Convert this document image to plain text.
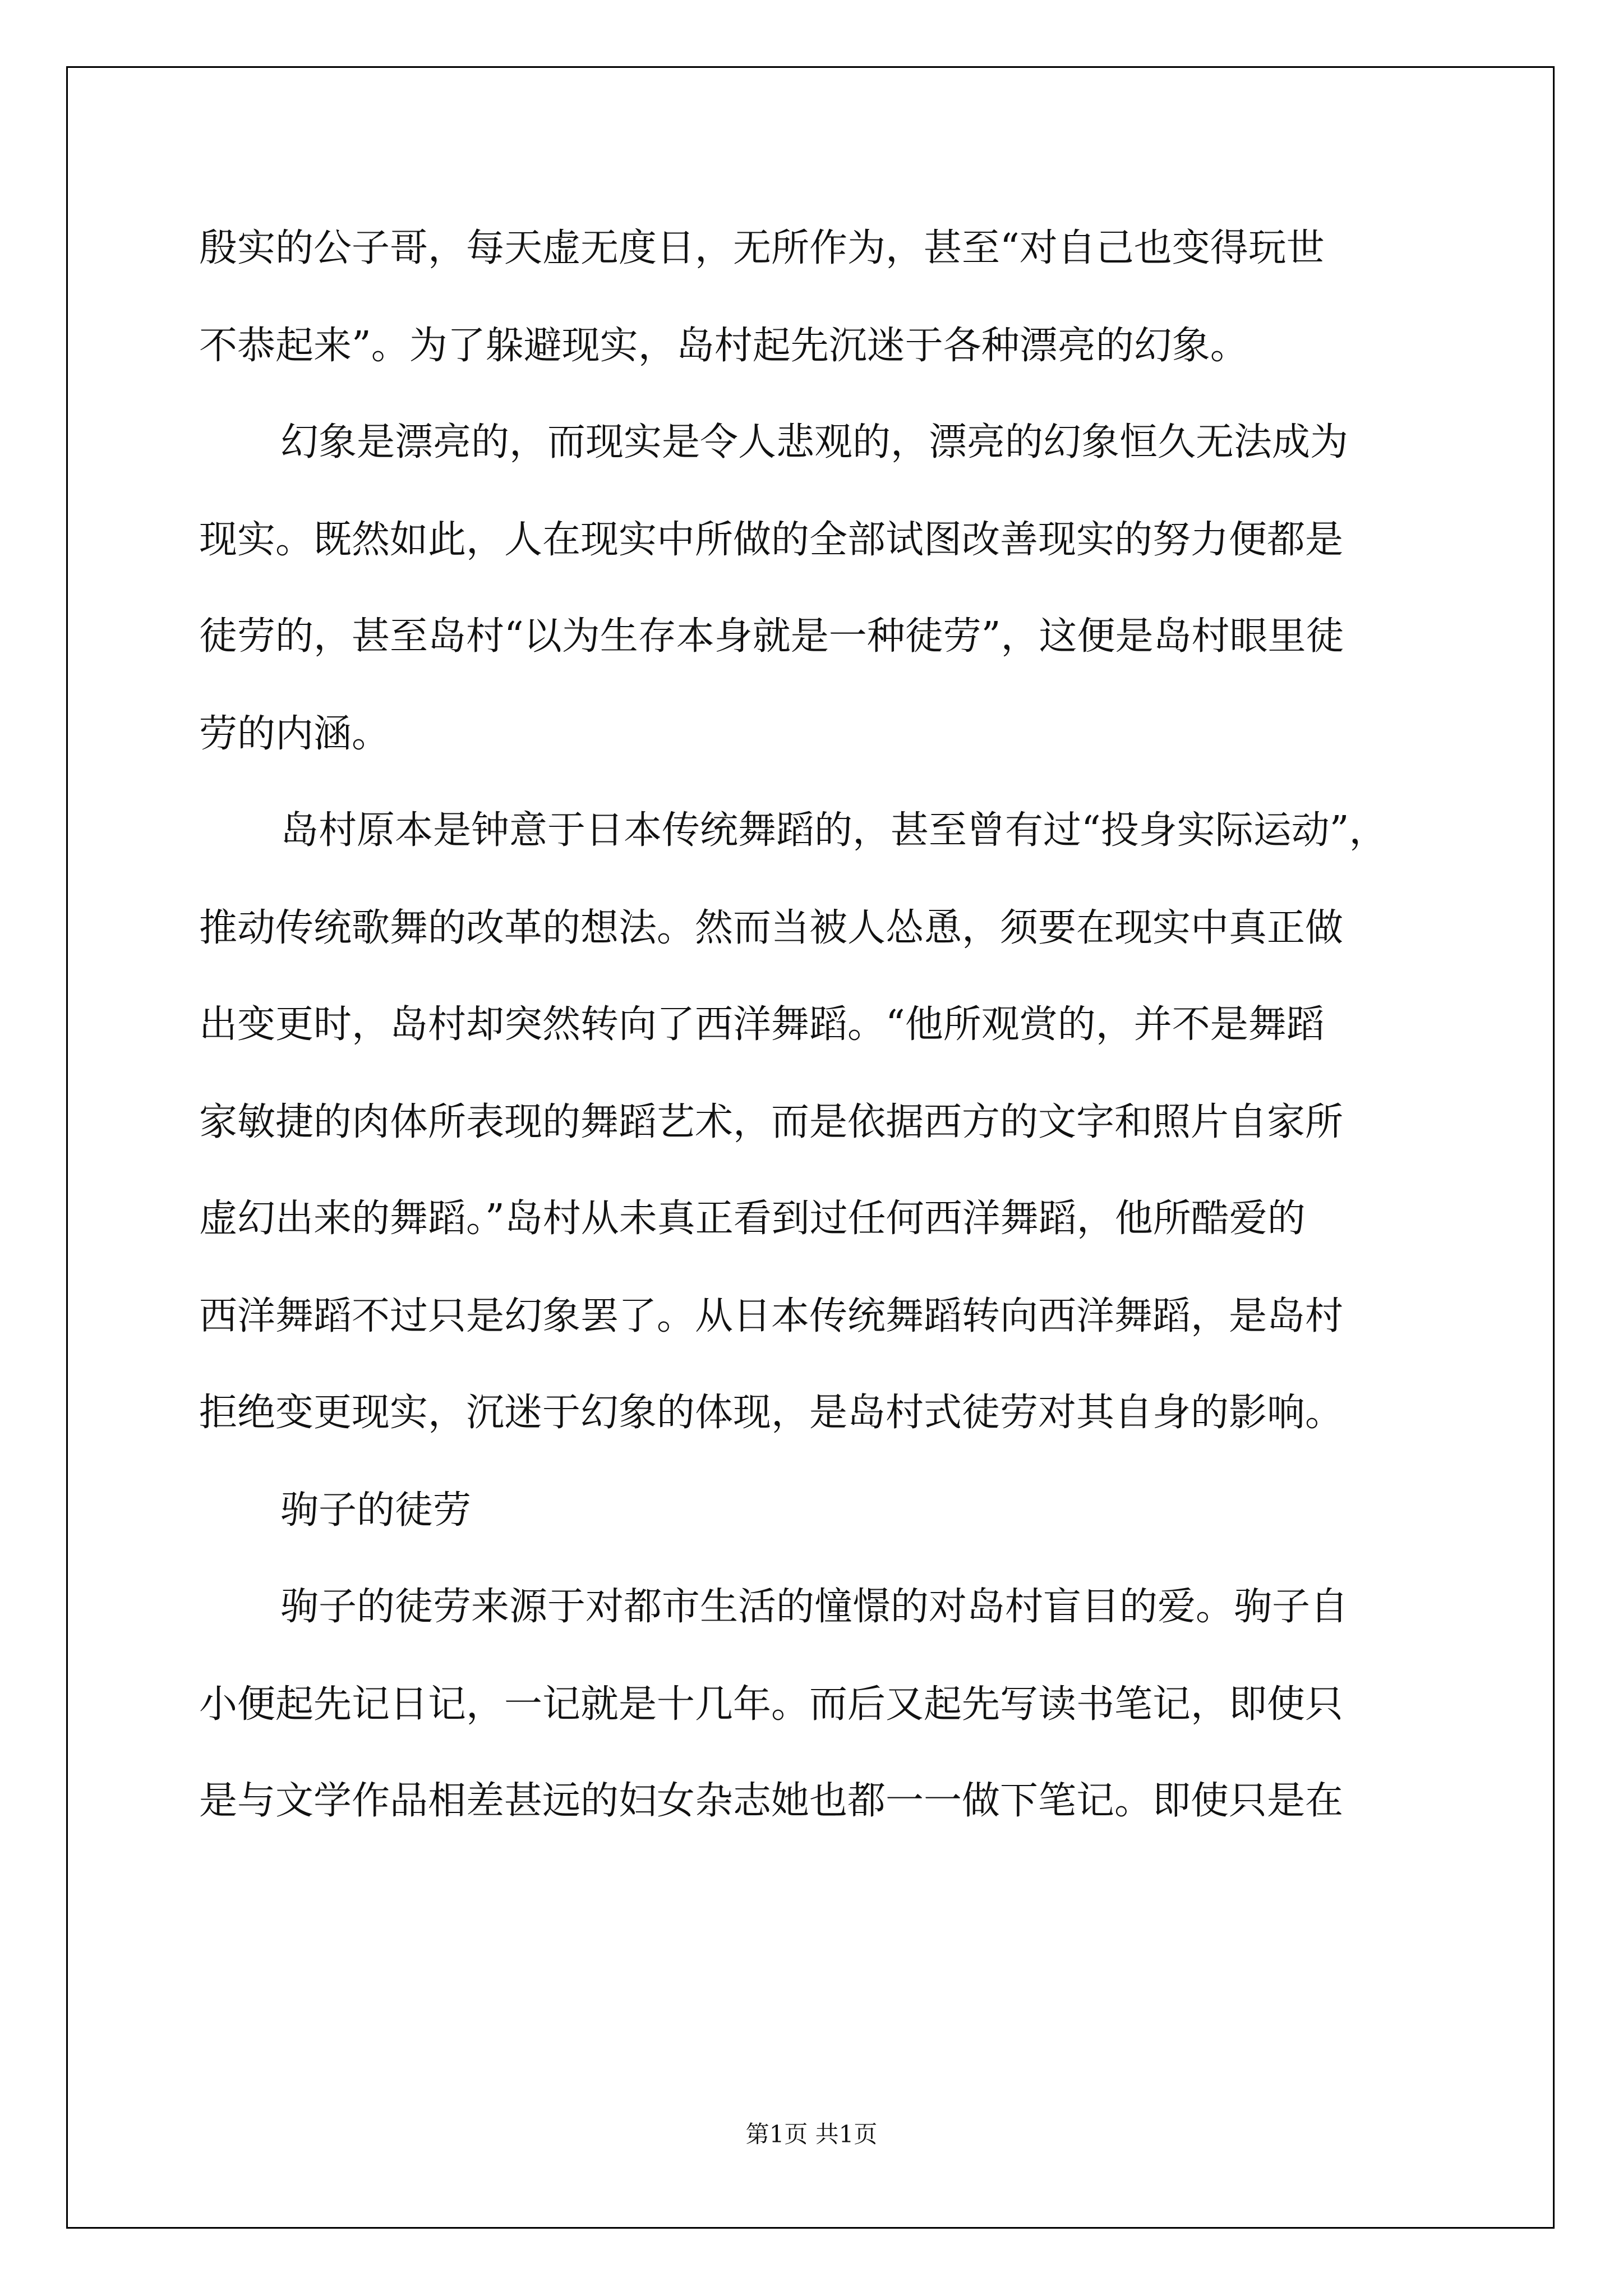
殷实的公子哥，每天虚无度日，无所作为，甚至“对自己也变得玩世

不恭起来”。为了躲避现实，岛村起先沉迷于各种漂亮的幻象。

幻象是漂亮的，而现实是令人悲观的，漂亮的幻象恒久无法成为

现实。既然如此，人在现实中所做的全部试图改善现实的努力便都是

徒劳的，甚至岛村“以为生存本身就是一种徒劳”，这便是岛村眼里徒

劳的内涵。

岛村原本是钟意于日本传统舞蹈的，甚至曾有过“投身实际运动”，

推动传统歌舞的改革的想法。然而当被人怂恿，须要在现实中真正做

出变更时，岛村却突然转向了西洋舞蹈。“他所观赏的，并不是舞蹈

家敏捷的肉体所表现的舞蹈艺术，而是依据西方的文字和照片自家所

虚幻出来的舞蹈。”岛村从未真正看到过任何西洋舞蹈，他所酷爱的

西洋舞蹈不过只是幻象罢了。从日本传统舞蹈转向西洋舞蹈，是岛村

拒绝变更现实，沉迷于幻象的体现，是岛村式徒劳对其自身的影响。

驹子的徒劳

驹子的徒劳来源于对都市生活的憧憬的对岛村盲目的爱。驹子自

小便起先记日记，一记就是十几年。而后又起先写读书笔记，即使只

是与文学作品相差甚远的妇女杂志她也都一一做下笔记。即使只是在

第1页 共1页
